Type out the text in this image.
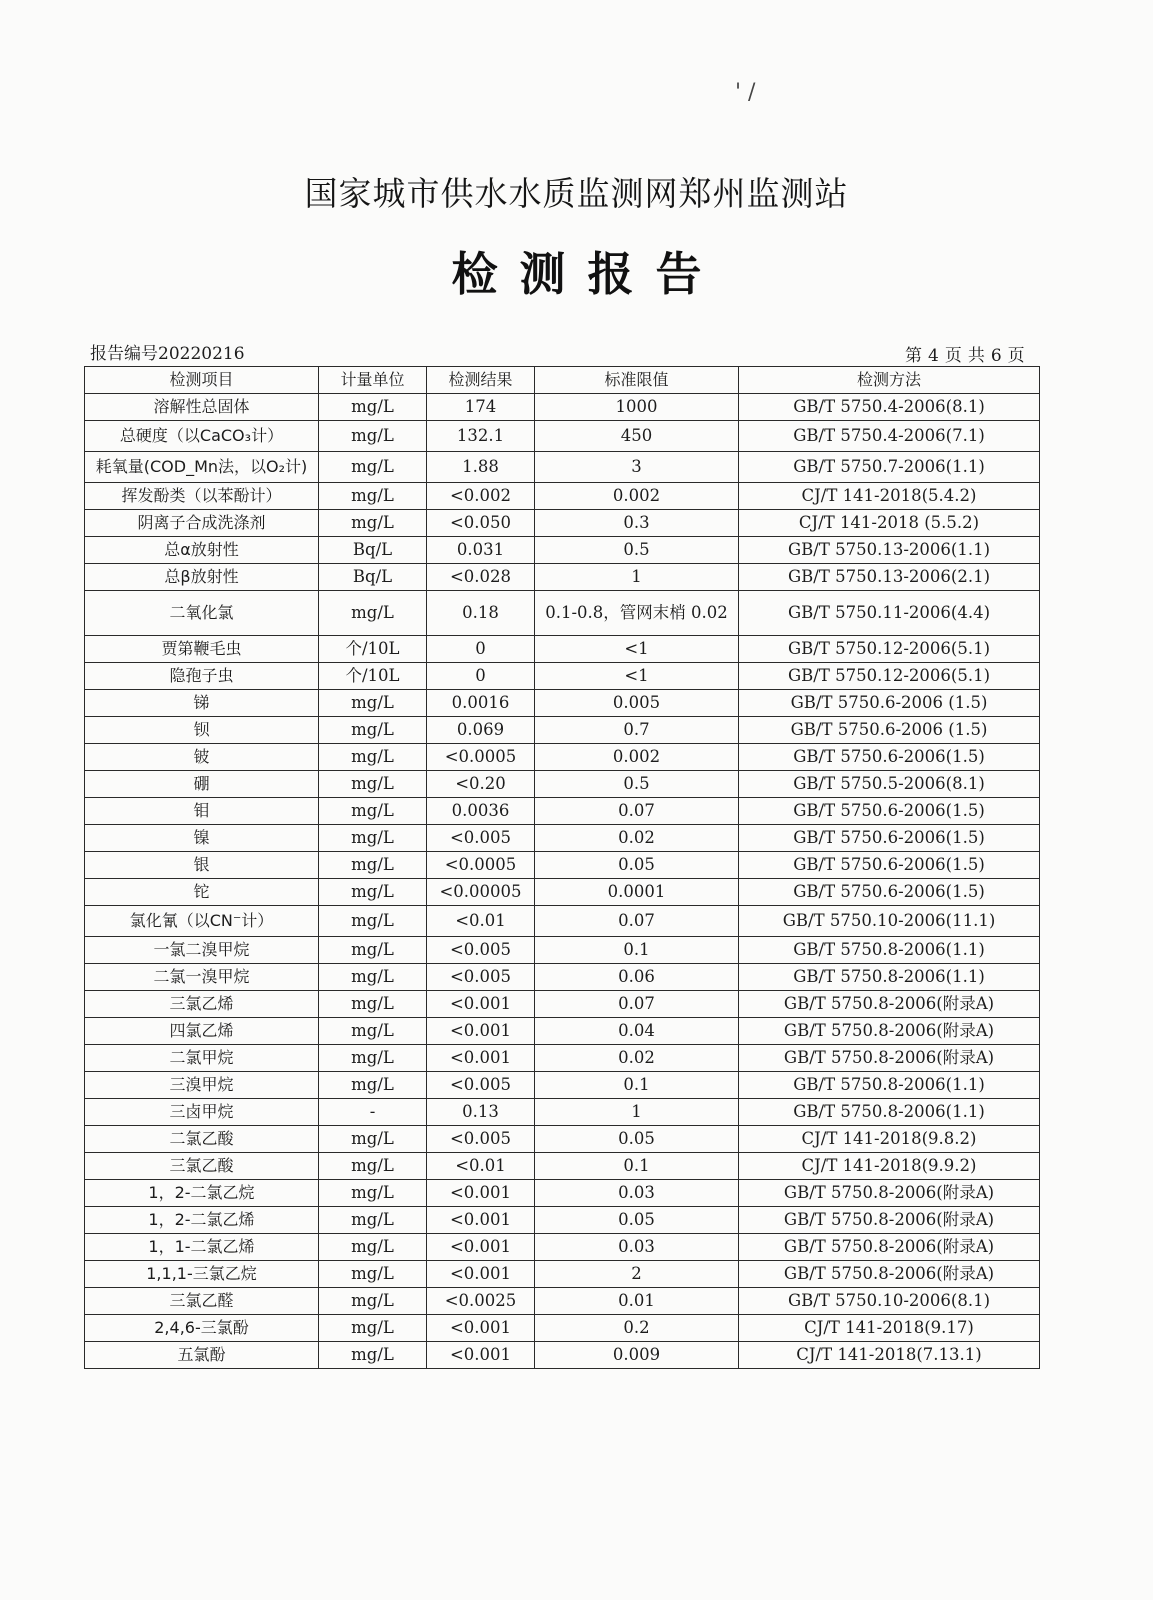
' /
国家城市供水水质监测网郑州监测站
检测报告
报告编号20220216	第 4 页 共 6 页
检测项目	计量单位	检测结果	标准限值	检测方法
溶解性总固体	mg/L	174	1000	GB/T 5750.4-2006(8.1)
总硬度（以CaCO₃计）	mg/L	132.1	450	GB/T 5750.4-2006(7.1)
耗氧量(COD_Mn法，以O₂计)	mg/L	1.88	3	GB/T 5750.7-2006(1.1)
挥发酚类（以苯酚计）	mg/L	<0.002	0.002	CJ/T 141-2018(5.4.2)
阴离子合成洗涤剂	mg/L	<0.050	0.3	CJ/T 141-2018 (5.5.2)
总α放射性	Bq/L	0.031	0.5	GB/T 5750.13-2006(1.1)
总β放射性	Bq/L	<0.028	1	GB/T 5750.13-2006(2.1)
二氧化氯	mg/L	0.18	0.1-0.8，管网末梢 0.02	GB/T 5750.11-2006(4.4)
贾第鞭毛虫	个/10L	0	<1	GB/T 5750.12-2006(5.1)
隐孢子虫	个/10L	0	<1	GB/T 5750.12-2006(5.1)
锑	mg/L	0.0016	0.005	GB/T 5750.6-2006 (1.5)
钡	mg/L	0.069	0.7	GB/T 5750.6-2006 (1.5)
铍	mg/L	<0.0005	0.002	GB/T 5750.6-2006(1.5)
硼	mg/L	<0.20	0.5	GB/T 5750.5-2006(8.1)
钼	mg/L	0.0036	0.07	GB/T 5750.6-2006(1.5)
镍	mg/L	<0.005	0.02	GB/T 5750.6-2006(1.5)
银	mg/L	<0.0005	0.05	GB/T 5750.6-2006(1.5)
铊	mg/L	<0.00005	0.0001	GB/T 5750.6-2006(1.5)
氯化氰（以CN⁻计）	mg/L	<0.01	0.07	GB/T 5750.10-2006(11.1)
一氯二溴甲烷	mg/L	<0.005	0.1	GB/T 5750.8-2006(1.1)
二氯一溴甲烷	mg/L	<0.005	0.06	GB/T 5750.8-2006(1.1)
三氯乙烯	mg/L	<0.001	0.07	GB/T 5750.8-2006(附录A)
四氯乙烯	mg/L	<0.001	0.04	GB/T 5750.8-2006(附录A)
二氯甲烷	mg/L	<0.001	0.02	GB/T 5750.8-2006(附录A)
三溴甲烷	mg/L	<0.005	0.1	GB/T 5750.8-2006(1.1)
三卤甲烷	-	0.13	1	GB/T 5750.8-2006(1.1)
二氯乙酸	mg/L	<0.005	0.05	CJ/T 141-2018(9.8.2)
三氯乙酸	mg/L	<0.01	0.1	CJ/T 141-2018(9.9.2)
1，2-二氯乙烷	mg/L	<0.001	0.03	GB/T 5750.8-2006(附录A)
1，2-二氯乙烯	mg/L	<0.001	0.05	GB/T 5750.8-2006(附录A)
1，1-二氯乙烯	mg/L	<0.001	0.03	GB/T 5750.8-2006(附录A)
1,1,1-三氯乙烷	mg/L	<0.001	2	GB/T 5750.8-2006(附录A)
三氯乙醛	mg/L	<0.0025	0.01	GB/T 5750.10-2006(8.1)
2,4,6-三氯酚	mg/L	<0.001	0.2	CJ/T 141-2018(9.17)
五氯酚	mg/L	<0.001	0.009	CJ/T 141-2018(7.13.1)
